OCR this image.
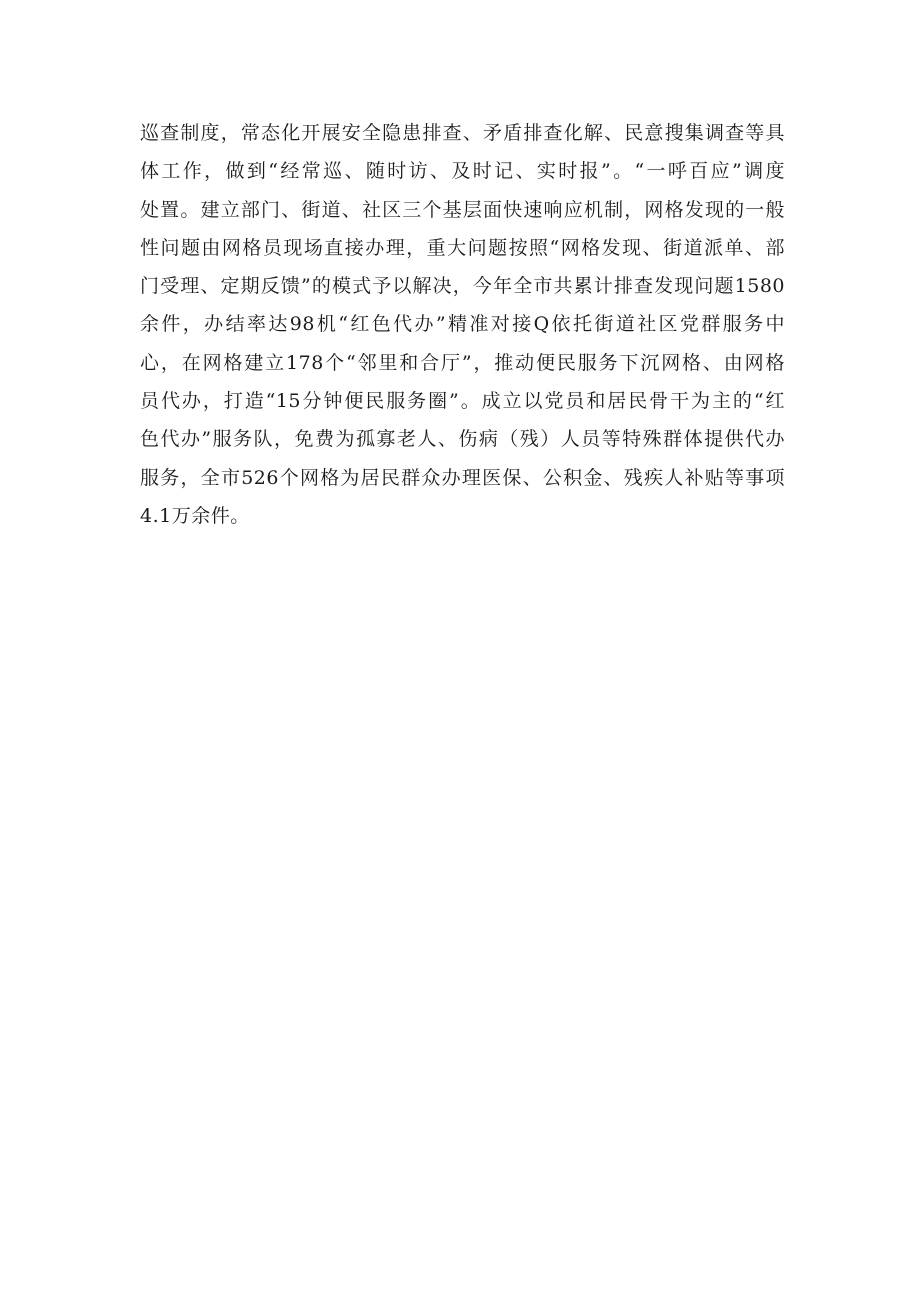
巡查制度，常态化开展安全隐患排查、矛盾排查化解、民意搜集调查等具
体工作，做到“经常巡、随时访、及时记、实时报”。“一呼百应”调度
处置。建立部门、街道、社区三个基层面快速响应机制，网格发现的一般
性问题由网格员现场直接办理，重大问题按照“网格发现、街道派单、部
门受理、定期反馈”的模式予以解决，今年全市共累计排查发现问题1580
余件，办结率达98机“红色代办”精准对接Q依托街道社区党群服务中
心，在网格建立178个“邻里和合厅”，推动便民服务下沉网格、由网格
员代办，打造“15分钟便民服务圈”。成立以党员和居民骨干为主的“红
色代办”服务队，免费为孤寡老人、伤病（残）人员等特殊群体提供代办
服务，全市526个网格为居民群众办理医保、公积金、残疾人补贴等事项
4.1万余件。
